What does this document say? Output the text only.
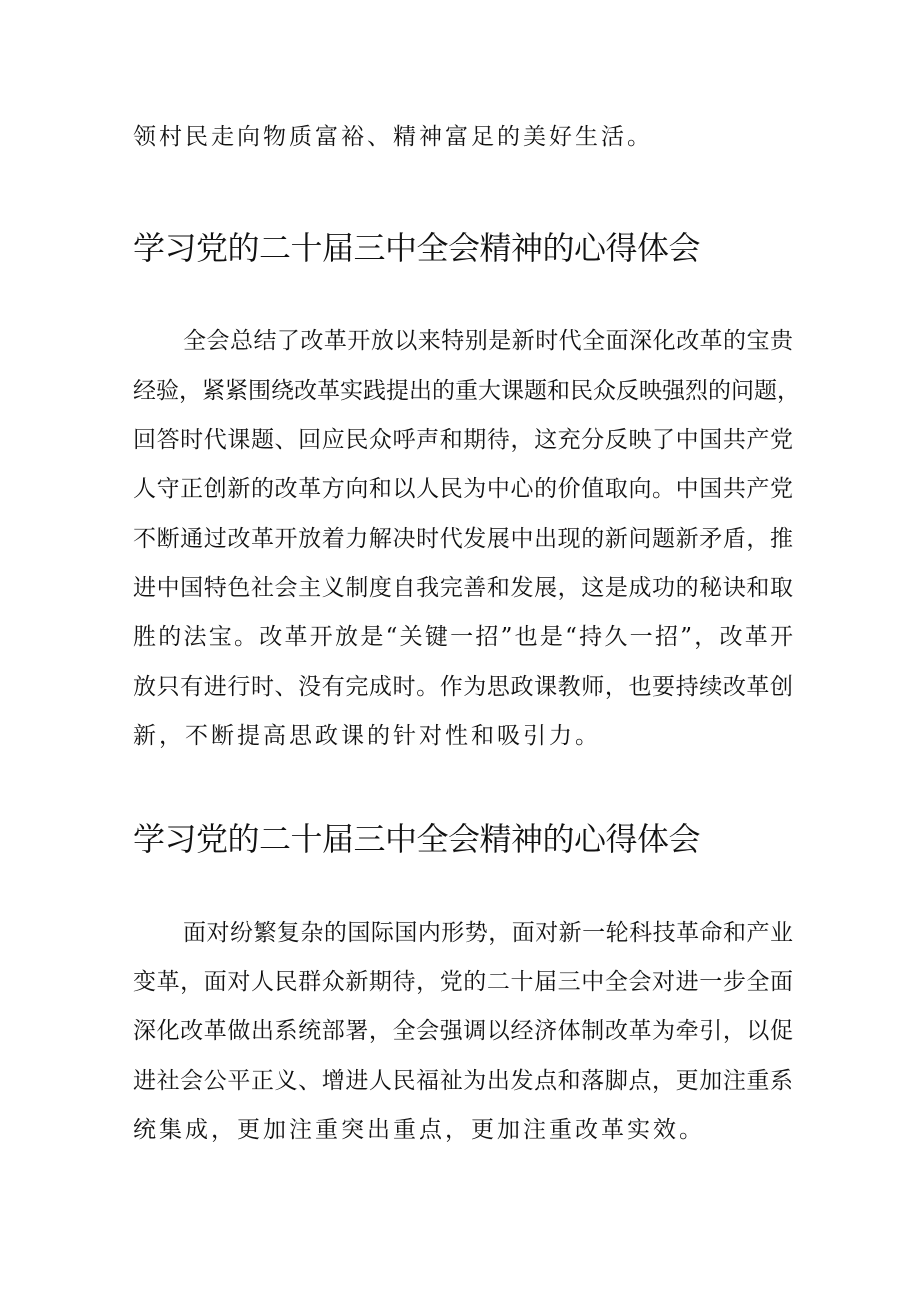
领村民走向物质富裕、精神富足的美好生活。

学习党的二十届三中全会精神的心得体会

全会总结了改革开放以来特别是新时代全面深化改革的宝贵

经验，紧紧围绕改革实践提出的重大课题和民众反映强烈的问题，

回答时代课题、回应民众呼声和期待，这充分反映了中国共产党

人守正创新的改革方向和以人民为中心的价值取向。中国共产党

不断通过改革开放着力解决时代发展中出现的新问题新矛盾，推

进中国特色社会主义制度自我完善和发展，这是成功的秘诀和取

胜的法宝。改革开放是“关键一招”也是“持久一招”，改革开

放只有进行时、没有完成时。作为思政课教师，也要持续改革创

新，不断提高思政课的针对性和吸引力。

学习党的二十届三中全会精神的心得体会

面对纷繁复杂的国际国内形势，面对新一轮科技革命和产业

变革，面对人民群众新期待，党的二十届三中全会对进一步全面

深化改革做出系统部署，全会强调以经济体制改革为牵引，以促

进社会公平正义、增进人民福祉为出发点和落脚点，更加注重系

统集成，更加注重突出重点，更加注重改革实效。
